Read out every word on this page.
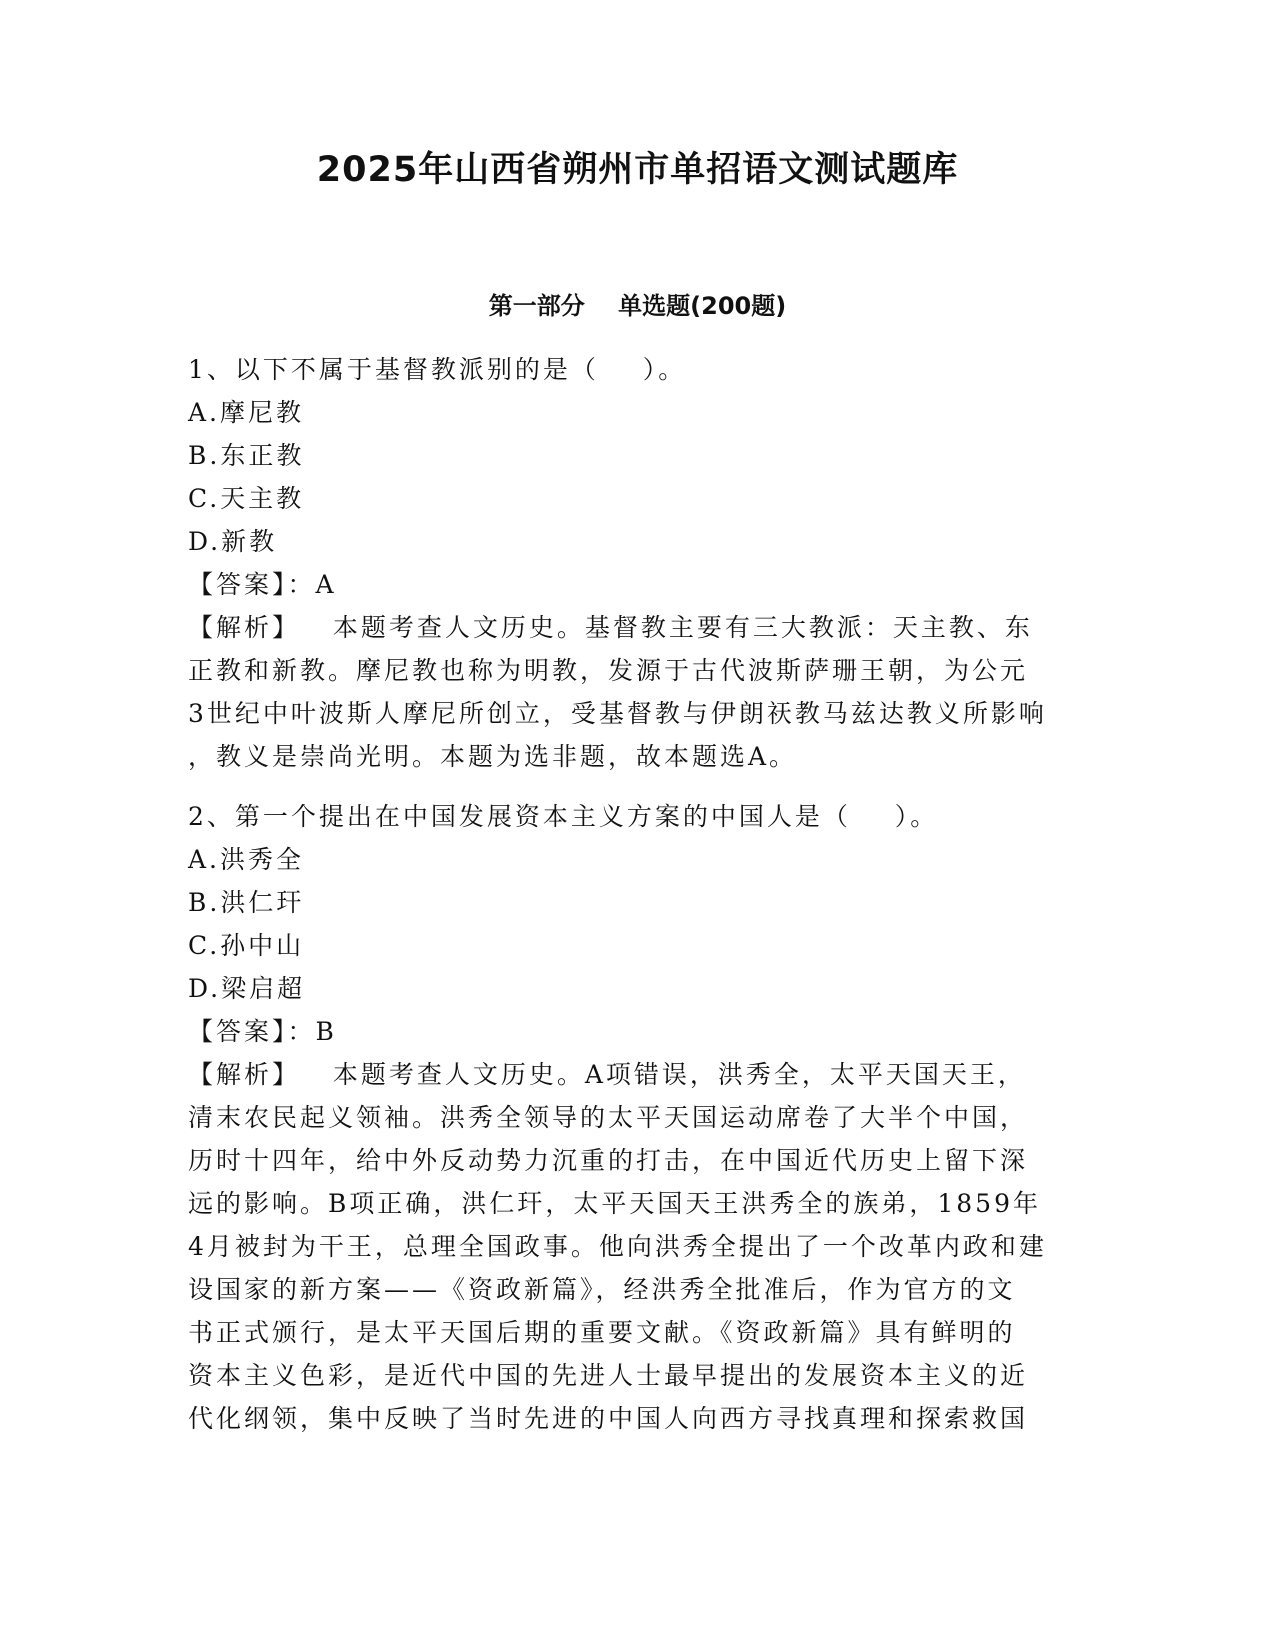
2025年山西省朔州市单招语文测试题库
第一部分    单选题(200题)
1、以下不属于基督教派别的是（    ）。
A.摩尼教
B.东正教
C.天主教
D.新教
【答案】：A
【解析】   本题考查人文历史。基督教主要有三大教派：天主教、东
正教和新教。摩尼教也称为明教，发源于古代波斯萨珊王朝，为公元
3世纪中叶波斯人摩尼所创立，受基督教与伊朗祆教马兹达教义所影响
，教义是崇尚光明。本题为选非题，故本题选A。
2、第一个提出在中国发展资本主义方案的中国人是（    ）。
A.洪秀全
B.洪仁玕
C.孙中山
D.梁启超
【答案】：B
【解析】   本题考查人文历史。A项错误，洪秀全，太平天国天王，
清末农民起义领袖。洪秀全领导的太平天国运动席卷了大半个中国，
历时十四年，给中外反动势力沉重的打击，在中国近代历史上留下深
远的影响。B项正确，洪仁玕，太平天国天王洪秀全的族弟，1859年
4月被封为干王，总理全国政事。他向洪秀全提出了一个改革内政和建
设国家的新方案——《资政新篇》，经洪秀全批准后，作为官方的文
书正式颁行，是太平天国后期的重要文献。《资政新篇》具有鲜明的
资本主义色彩，是近代中国的先进人士最早提出的发展资本主义的近
代化纲领，集中反映了当时先进的中国人向西方寻找真理和探索救国
